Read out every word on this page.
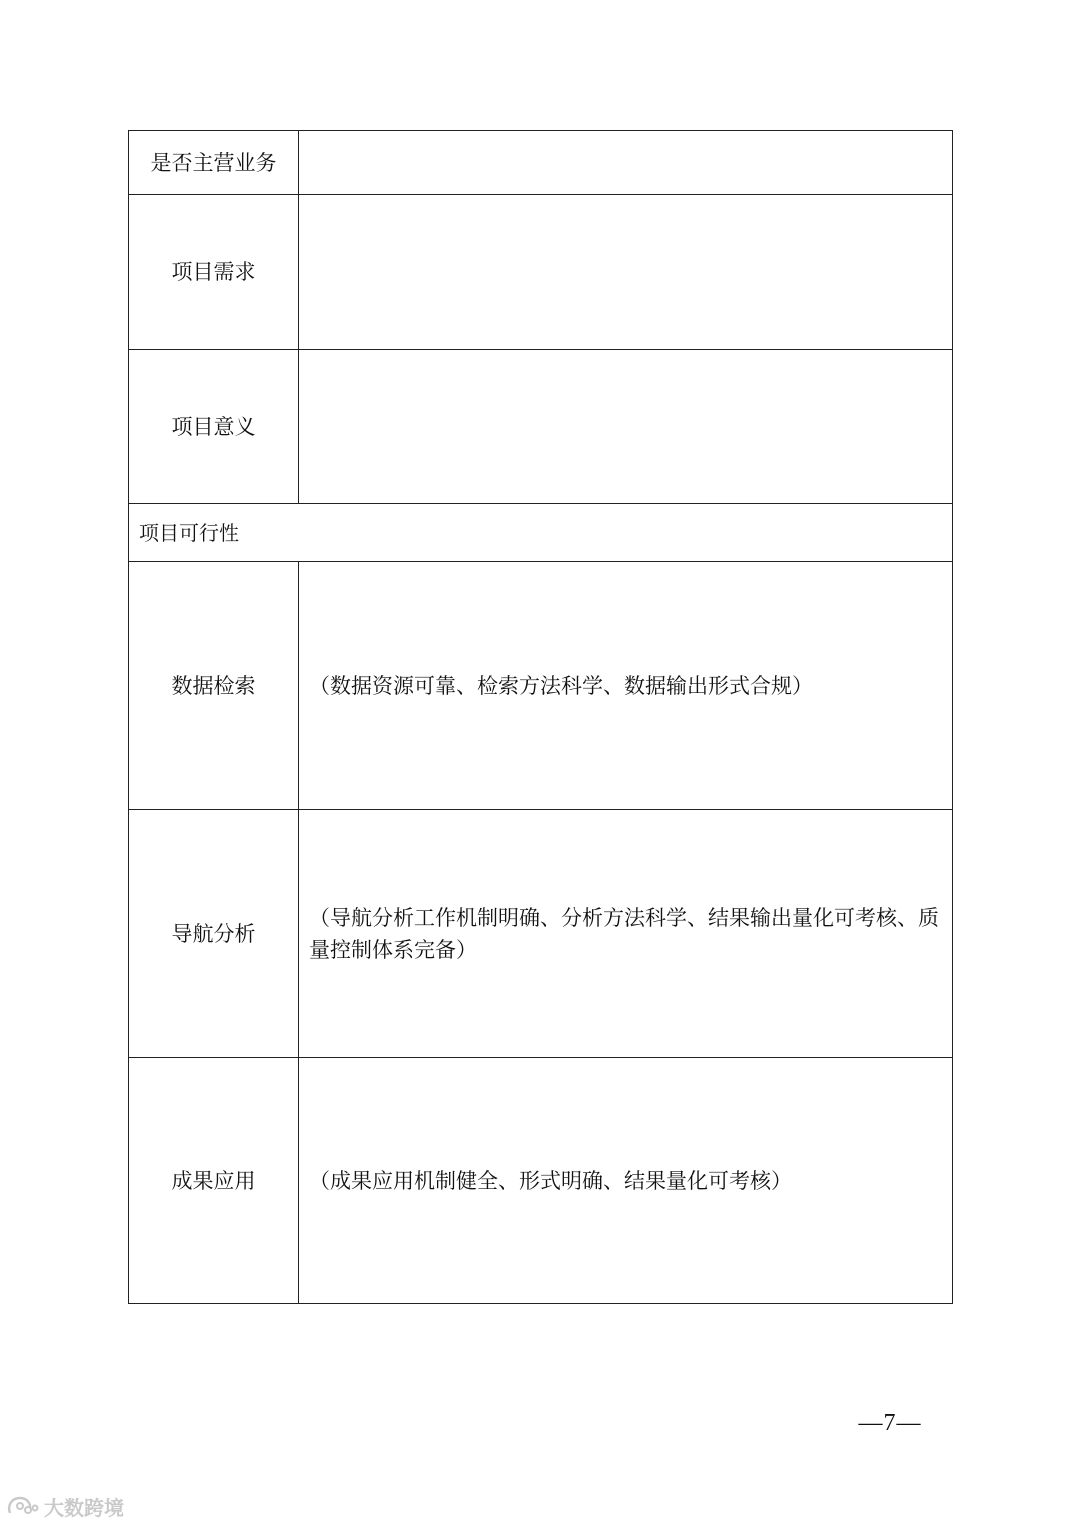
是否主营业务	
项目需求	
项目意义	
项目可行性	
数据检索	（数据资源可靠、检索方法科学、数据输出形式合规）
导航分析	（导航分析工作机制明确、分析方法科学、结果输出量化可考核、质量控制体系完备）
成果应用	（成果应用机制健全、形式明确、结果量化可考核）
—7—
大数跨境
